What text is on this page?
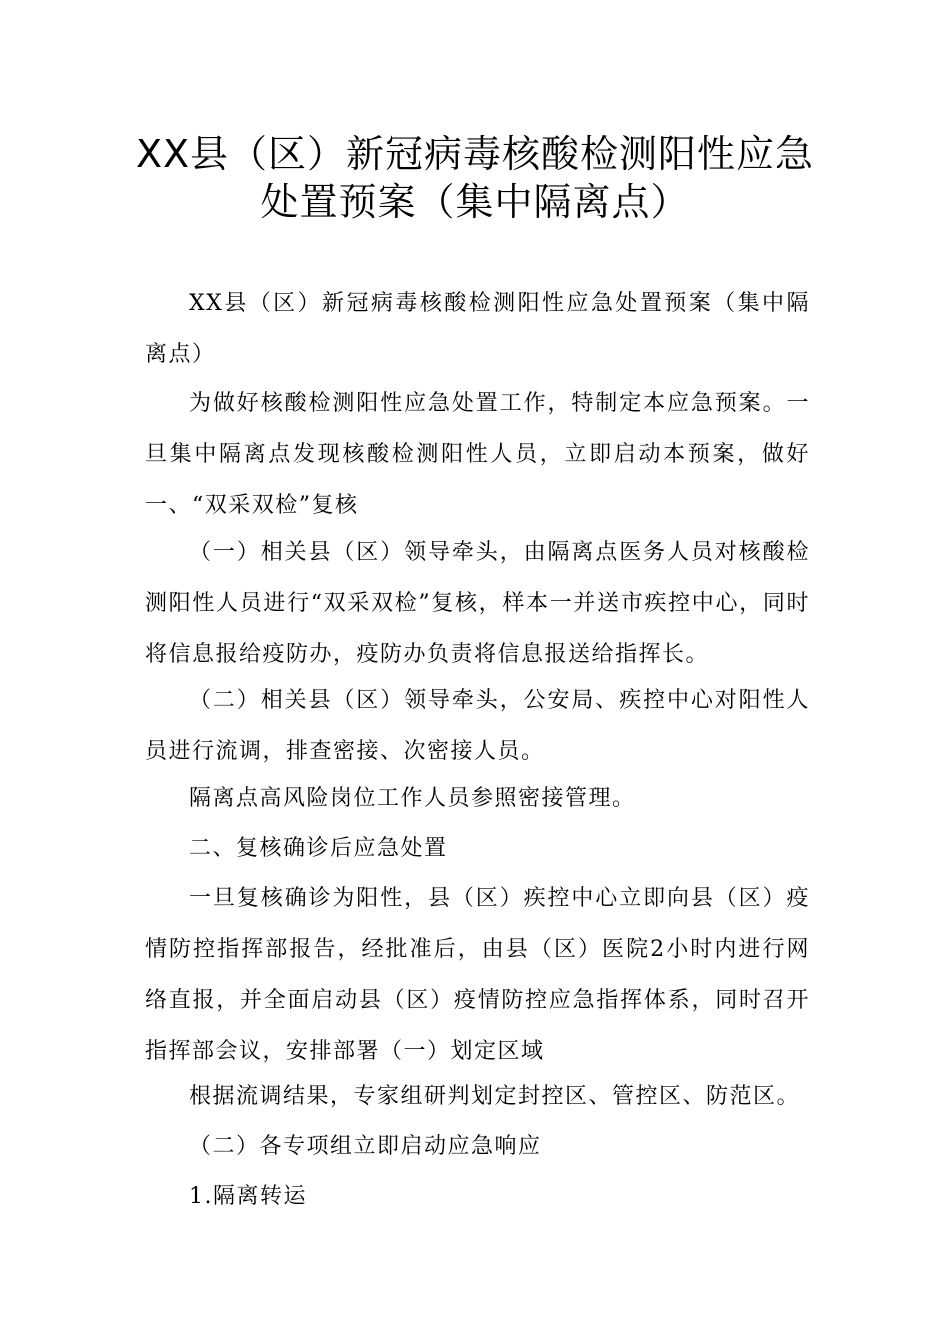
XX县（区）新冠病毒核酸检测阳性应急
处置预案（集中隔离点）

XX县（区）新冠病毒核酸检测阳性应急处置预案（集中隔离点）

为做好核酸检测阳性应急处置工作，特制定本应急预案。一旦集中隔离点发现核酸检测阳性人员，立即启动本预案，做好一、“双采双检”复核

（一）相关县（区）领导牵头，由隔离点医务人员对核酸检测阳性人员进行“双采双检”复核，样本一并送市疾控中心，同时将信息报给疫防办，疫防办负责将信息报送给指挥长。

（二）相关县（区）领导牵头，公安局、疾控中心对阳性人员进行流调，排查密接、次密接人员。

隔离点高风险岗位工作人员参照密接管理。

二、复核确诊后应急处置

一旦复核确诊为阳性，县（区）疾控中心立即向县（区）疫情防控指挥部报告，经批准后，由县（区）医院2小时内进行网络直报，并全面启动县（区）疫情防控应急指挥体系，同时召开指挥部会议，安排部署（一）划定区域

根据流调结果，专家组研判划定封控区、管控区、防范区。

（二）各专项组立即启动应急响应

1.隔离转运
